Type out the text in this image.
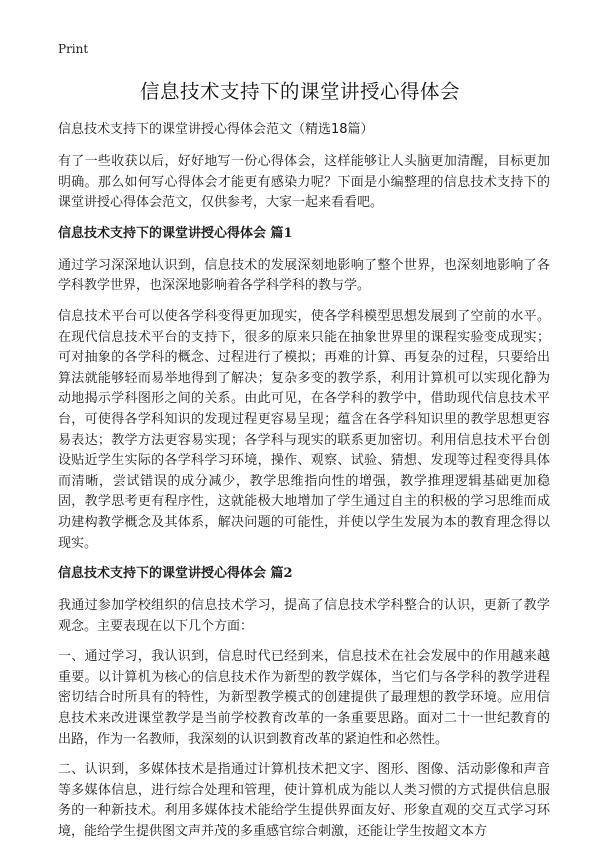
Print
信息技术支持下的课堂讲授心得体会

信息技术支持下的课堂讲授心得体会范文（精选18篇）

有了一些收获以后，好好地写一份心得体会，这样能够让人头脑更加清醒，目标更加明确。那么如何写心得体会才能更有感染力呢？下面是小编整理的信息技术支持下的课堂讲授心得体会范文，仅供参考，大家一起来看看吧。

信息技术支持下的课堂讲授心得体会 篇1

通过学习深深地认识到，信息技术的发展深刻地影响了整个世界，也深刻地影响了各学科教学世界，也深深地影响着各学科学科的教与学。

信息技术平台可以使各学科变得更加现实，使各学科模型思想发展到了空前的水平。在现代信息技术平台的支持下，很多的原来只能在抽象世界里的课程实验变成现实；可对抽象的各学科的概念、过程进行了模拟；再难的计算、再复杂的过程，只要给出算法就能够轻而易举地得到了解决；复杂多变的教学系，利用计算机可以实现化静为动地揭示学科图形之间的关系。由此可见，在各学科的教学中，借助现代信息技术平台，可使得各学科知识的发现过程更容易呈现；蕴含在各学科知识里的教学思想更容易表达；教学方法更容易实现；各学科与现实的联系更加密切。利用信息技术平台创设贴近学生实际的各学科学习环境，操作、观察、试验、猜想、发现等过程变得具体而清晰，尝试错误的成分减少，教学思维指向性的增强，教学推理逻辑基础更加稳固，教学思考更有程序性，这就能极大地增加了学生通过自主的积极的学习思维而成功建构教学概念及其体系，解决问题的可能性，并使以学生发展为本的教育理念得以现实。

信息技术支持下的课堂讲授心得体会 篇2

我通过参加学校组织的信息技术学习，提高了信息技术学科整合的认识，更新了教学观念。主要表现在以下几个方面：

一、通过学习，我认识到，信息时代已经到来，信息技术在社会发展中的作用越来越重要。以计算机为核心的信息技术作为新型的教学媒体，当它们与各学科的教学进程密切结合时所具有的特性，为新型教学模式的创建提供了最理想的教学环境。应用信息技术来改进课堂教学是当前学校教育改革的一条重要思路。面对二十一世纪教育的出路，作为一名教师，我深刻的认识到教育改革的紧迫性和必然性。

二、认识到，多媒体技术是指通过计算机技术把文字、图形、图像、活动影像和声音等多媒体信息，进行综合处理和管理，使计算机成为能以人类习惯的方式提供信息服务的一种新技术。利用多媒体技术能给学生提供界面友好、形象直观的交互式学习环境，能给学生提供图文声并茂的多重感官综合刺激，还能让学生按超文本方
